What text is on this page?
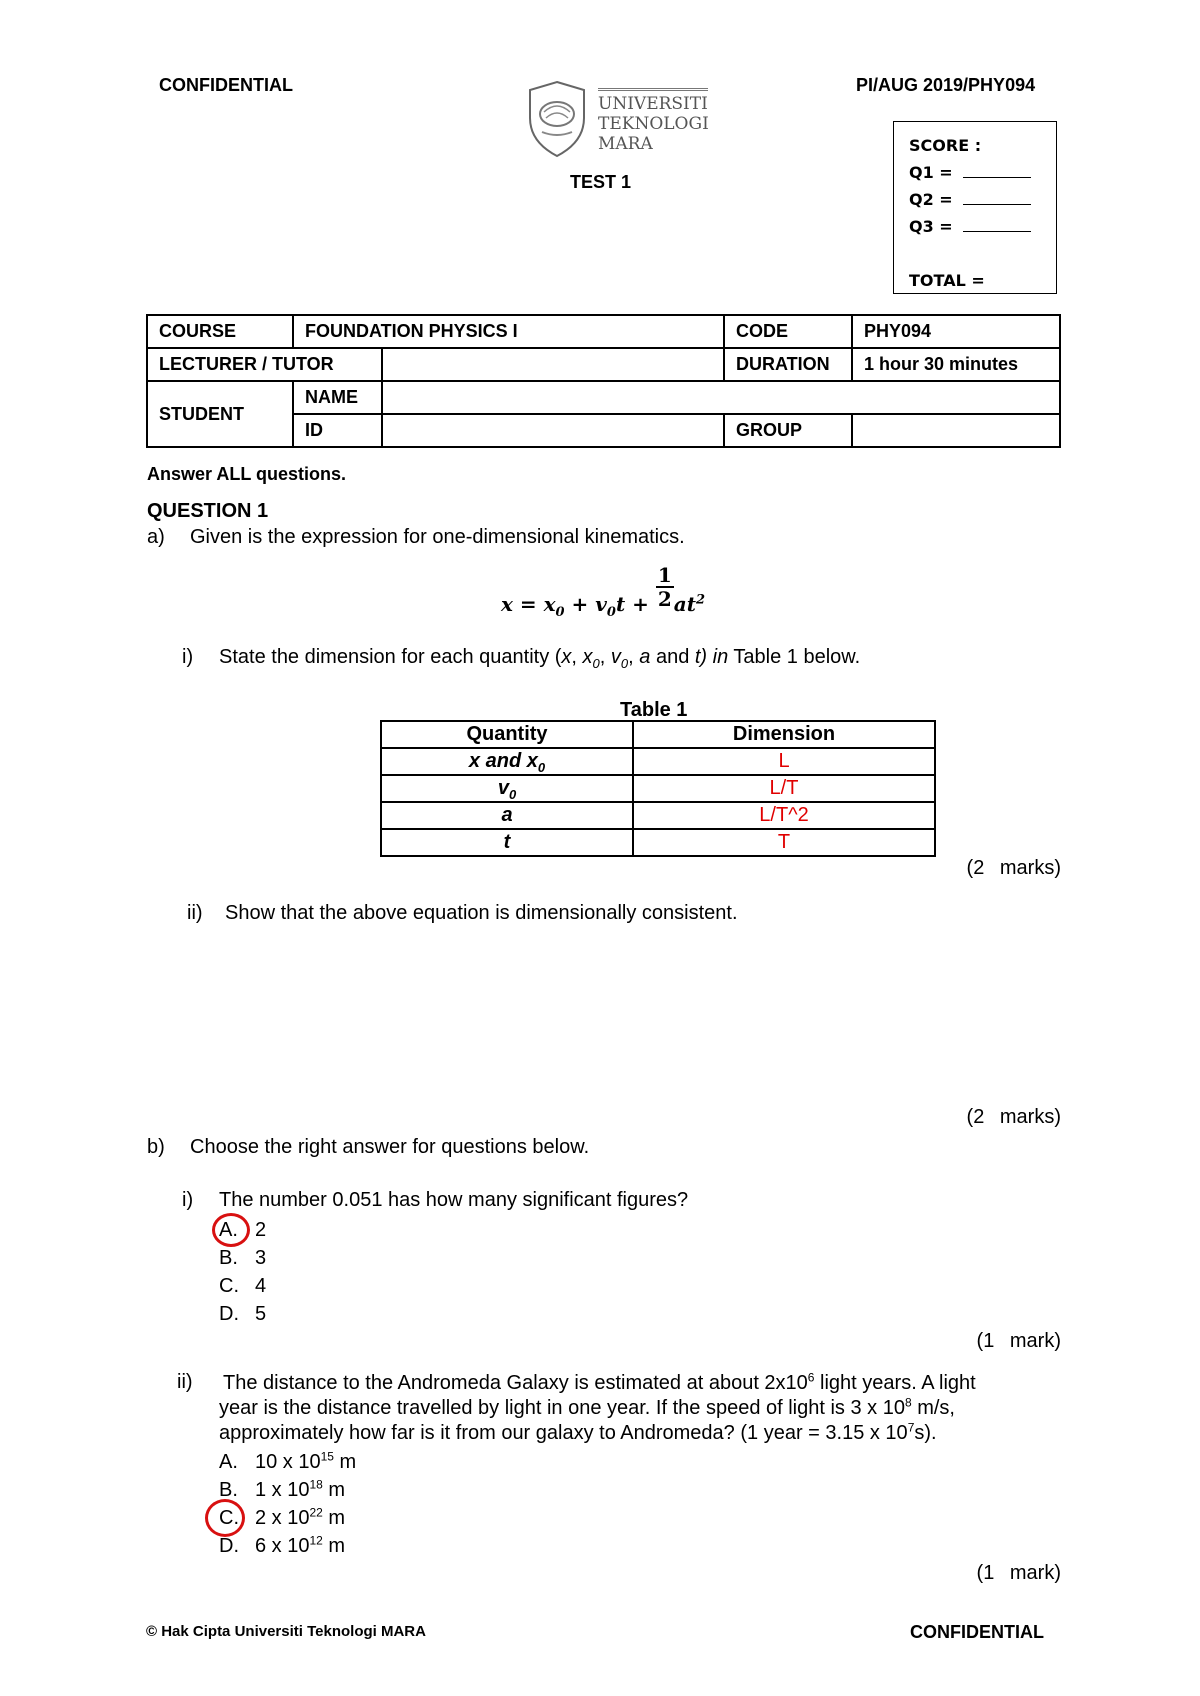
CONFIDENTIAL	PI/AUG 2019/PHY094
UNIVERSITI
TEKNOLOGI
MARA
TEST 1
SCORE :
Q1 =
Q2 =
Q3 =
TOTAL =
COURSE	FOUNDATION PHYSICS I		CODE	PHY094
LECTURER / TUTOR			DURATION	1 hour 30 minutes
STUDENT	NAME			
	ID		GROUP	
Answer ALL questions.
QUESTION 1
a) Given is the expression for one-dimensional kinematics.
$x = x_0 + v_0t + \frac{1}{2} at^2$
i) State the dimension for each quantity (x, $x_0$, $v_0$, a and t) in Table 1 below.
Table 1
Quantity	Dimension
x and $x_0$	L
$v_0$	L/T
a	L/T^2
t	T
(2 marks)
ii) Show that the above equation is dimensionally consistent.
(2 marks)
b) Choose the right answer for questions below.
i) The number 0.051 has how many significant figures?
A. 2
B. 3
C. 4
D. 5
(1 mark)
ii) The distance to the Andromeda Galaxy is estimated at about $2x10^6$ light years. A light
year is the distance travelled by light in one year. If the speed of light is 3 x $10^8$ m/s,
approximately how far is it from our galaxy to Andromeda? (1 year = 3.15 x $10^7s$).
A. 10 x $10^{15}$ m
B. 1 x $10^{18}$ m
C. 2 x $10^{22}$ m
D. 6 x $10^{12}$ m
(1 mark)
© Hak Cipta Universiti Teknologi MARA	CONFIDENTIAL
